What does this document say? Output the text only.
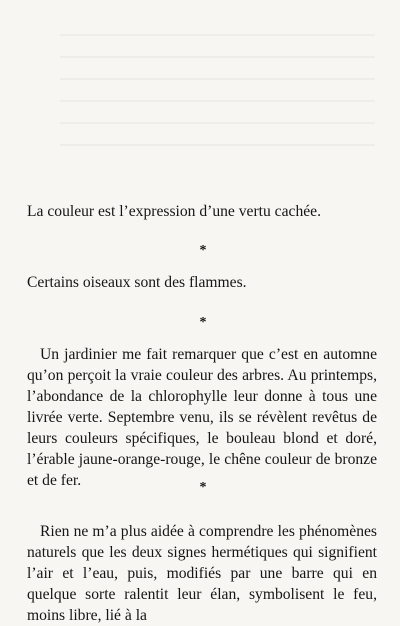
La couleur est l’expression d’une vertu cachée.

*

Certains oiseaux sont des flammes.

*

Un jardinier me fait remarquer que c’est en automne qu’on perçoit la vraie couleur des arbres. Au printemps, l’abondance de la chlorophylle leur donne à tous une livrée verte. Septembre venu, ils se révèlent revêtus de leurs couleurs spécifiques, le bouleau blond et doré, l’érable jaune-orange-rouge, le chêne couleur de bronze et de fer.	*

Rien ne m’a plus aidée à comprendre les phénomènes naturels que les deux signes hermétiques qui signifient l’air et l’eau, puis, modifiés par une barre qui en quelque sorte ralentit leur élan, symbolisent le feu, moins libre, lié à la
